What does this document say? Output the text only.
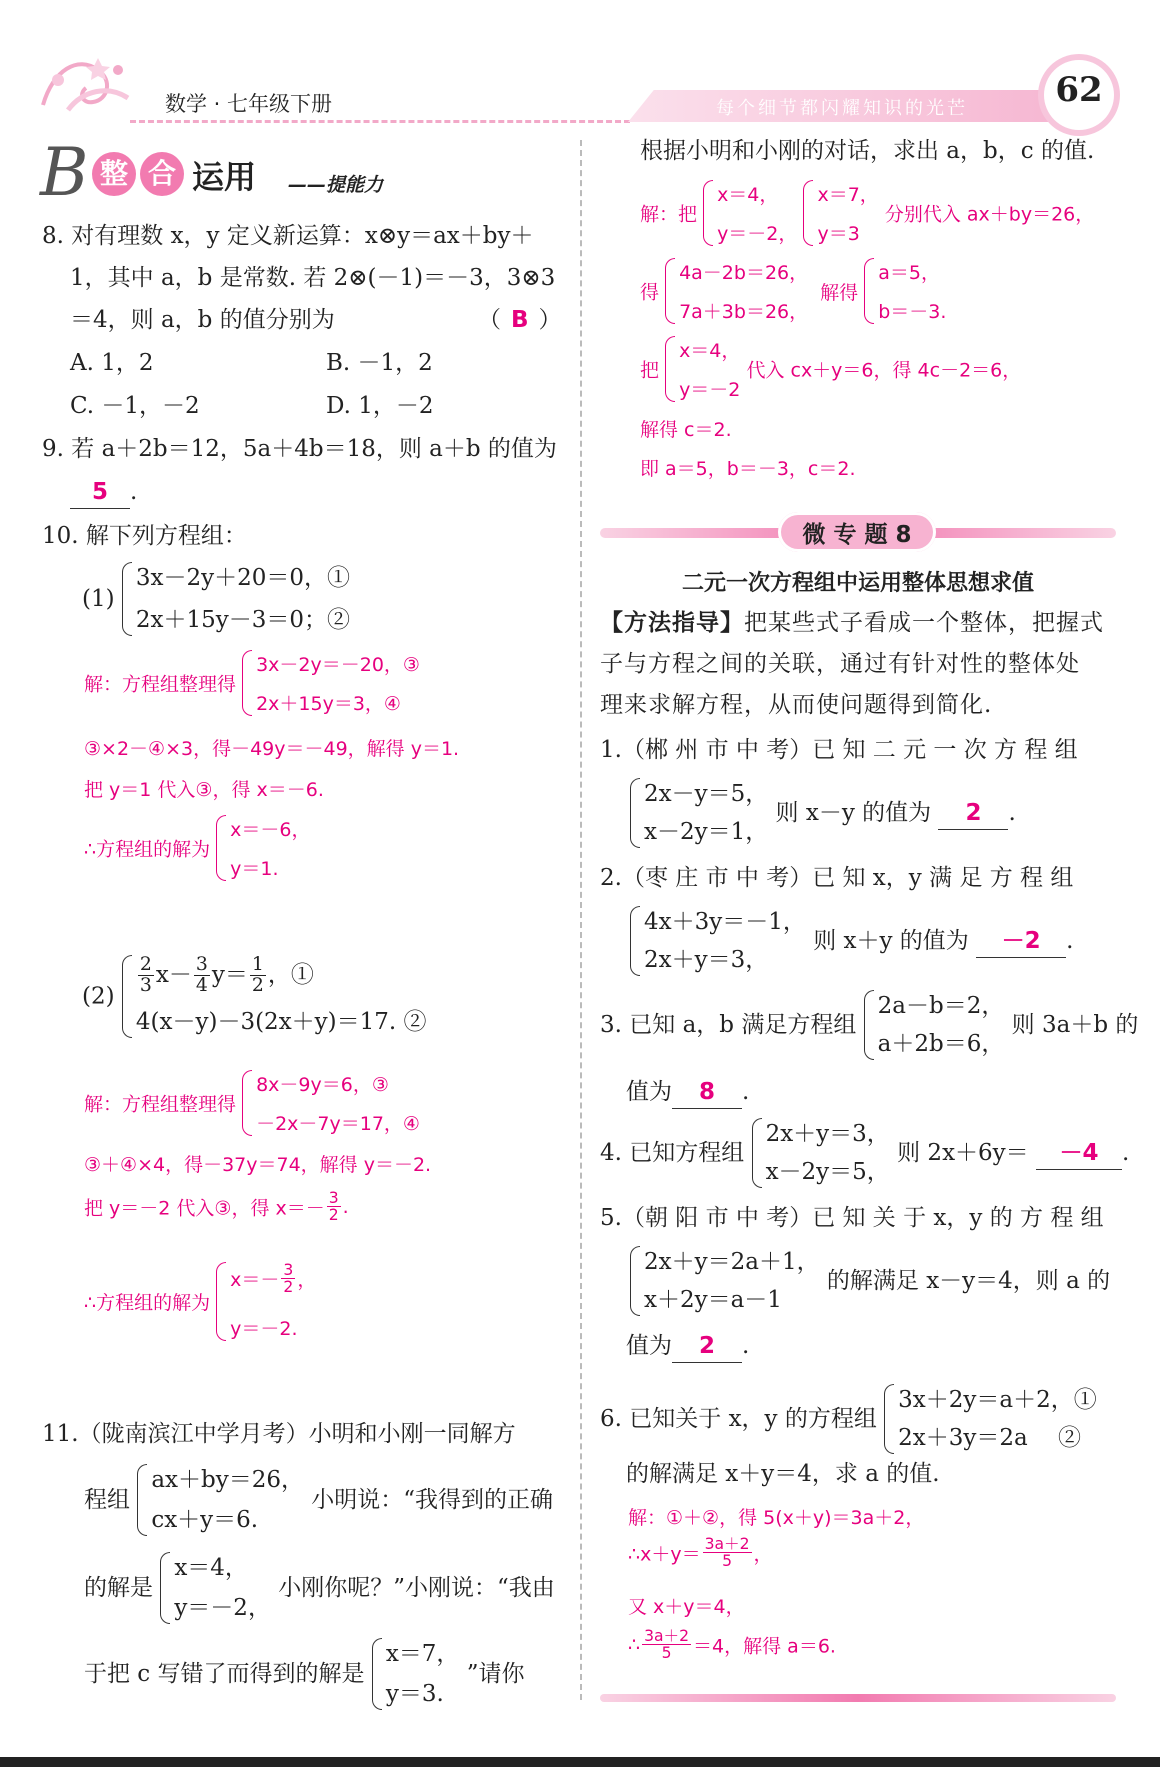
数学 · 七年级下册	每个细节都闪耀知识的光芒	62
B 整 合 运用 ——提能力
8. 对有理数 x，y 定义新运算：x⊗y＝ax＋by＋
1，其中 a，b 是常数. 若 2⊗(－1)＝－3，3⊗3
＝4，则 a，b 的值分别为	（ B ）
A. 1，2	B. －1，2
C. －1，－2	D. 1，－2
9. 若 a＋2b＝12，5a＋4b＝18，则 a＋b 的值为
5 .
10. 解下列方程组：
(1)
3x－2y＋20＝0，①
2x＋15y－3＝0；②
解：方程组整理得
3x－2y＝－20，③
2x＋15y＝3，④
③×2－④×3，得－49y＝－49，解得 y＝1.
把 y＝1 代入③，得 x＝－6.
∴方程组的解为
x＝－6，
y＝1.
(2)
$\frac{2}{3} x- \frac{3}{4} y= \frac{1}{2}$ ，①
4(x－y)－3(2x＋y)＝17. ②
解：方程组整理得
8x－9y＝6，③
－2x－7y＝17，④
③＋④×4，得－37y＝74，解得 y＝－2.
把 y＝－2 代入③，得 $x=- \frac{3}{2}$ .
∴方程组的解为
$x=- \frac{3}{2}$ ，
y＝－2.
11.（陇南滨江中学月考）小明和小刚一同解方
程组
ax＋by＝26，
cx＋y＝6.
小明说：“我得到的正确
的解是
x＝4，
y＝－2，
小刚你呢？”小刚说：“我由
于把 c 写错了而得到的解是
x＝7，
y＝3.
”请你
根据小明和小刚的对话，求出 a，b，c 的值.
解：把
x＝4，
y＝－2，

x＝7，
y＝3
分别代入 ax＋by＝26，
得
4a－2b＝26，
7a＋3b＝26，
解得
a＝5，
b＝－3.
把
x＝4，
y＝－2
代入 cx＋y＝6，得 4c－2＝6，
解得 c＝2.
即 a＝5，b＝－3，c＝2.
微 专 题 8
二元一次方程组中运用整体思想求值
【方法指导】把某些式子看成一个整体，把握式
子与方程之间的关联，通过有针对性的整体处
理来求解方程，从而使问题得到简化.
1.（郴 州 市 中 考）已 知 二 元 一 次 方 程 组
2x－y＝5，
x－2y＝1，
则 x－y 的值为 2 .
2.（枣 庄 市 中 考）已 知 x，y 满 足 方 程 组
4x＋3y＝－1，
2x＋y＝3，
则 x＋y 的值为 －2 .
3. 已知 a，b 满足方程组
2a－b＝2，
a＋2b＝6，
则 3a＋b 的
值为 8 .
4. 已知方程组
2x＋y＝3，
x－2y＝5，
则 2x＋6y＝ －4 .
5.（朝 阳 市 中 考）已 知 关 于 x，y 的 方 程 组
2x＋y＝2a＋1，
x＋2y＝a－1
的解满足 x－y＝4，则 a 的
值为 2 .
6. 已知关于 x，y 的方程组
3x＋2y＝a＋2，①
2x＋3y＝2a　 ②
的解满足 x＋y＝4，求 a 的值.
解：①＋②，得 5(x＋y)＝3a＋2，
∴x＋y＝ $\frac{3a+2}{5}$ ，
又 x＋y＝4，
∴ $\frac{3a+2}{5} =4$，解得 a＝6.
